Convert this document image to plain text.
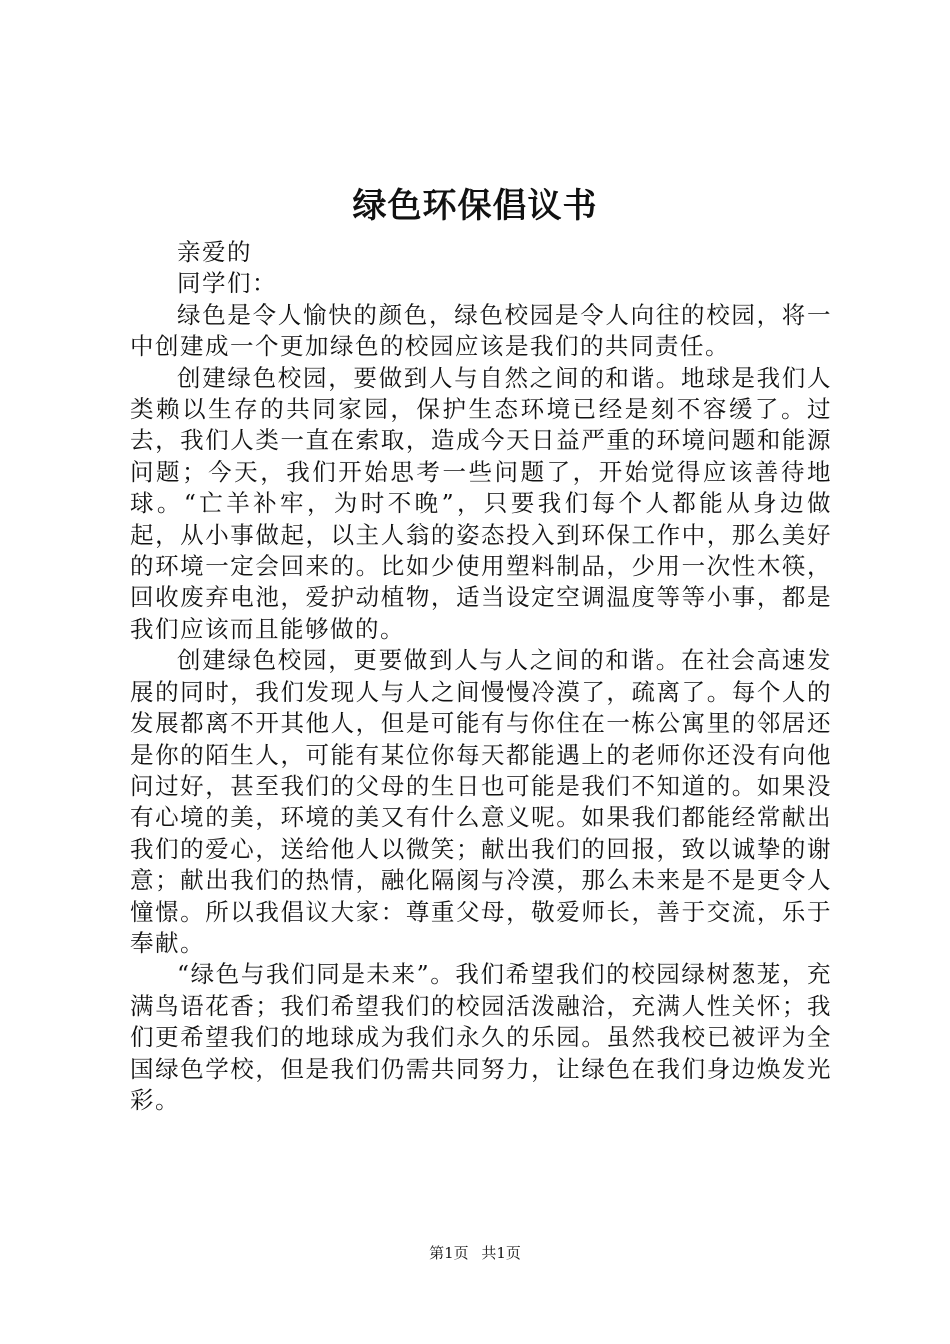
绿色环保倡议书

亲爱的

同学们：

绿色是令人愉快的颜色，绿色校园是令人向往的校园，将一中创建成一个更加绿色的校园应该是我们的共同责任。

创建绿色校园，要做到人与自然之间的和谐。地球是我们人类赖以生存的共同家园，保护生态环境已经是刻不容缓了。过去，我们人类一直在索取，造成今天日益严重的环境问题和能源问题；今天，我们开始思考一些问题了，开始觉得应该善待地球。“亡羊补牢，为时不晚”，只要我们每个人都能从身边做起，从小事做起，以主人翁的姿态投入到环保工作中，那么美好的环境一定会回来的。比如少使用塑料制品，少用一次性木筷，回收废弃电池，爱护动植物，适当设定空调温度等等小事，都是我们应该而且能够做的。

创建绿色校园，更要做到人与人之间的和谐。在社会高速发展的同时，我们发现人与人之间慢慢冷漠了，疏离了。每个人的发展都离不开其他人，但是可能有与你住在一栋公寓里的邻居还是你的陌生人，可能有某位你每天都能遇上的老师你还没有向他问过好，甚至我们的父母的生日也可能是我们不知道的。如果没有心境的美，环境的美又有什么意义呢。如果我们都能经常献出我们的爱心，送给他人以微笑；献出我们的回报，致以诚挚的谢意；献出我们的热情，融化隔阂与冷漠，那么未来是不是更令人憧憬。所以我倡议大家：尊重父母，敬爱师长，善于交流，乐于奉献。

“绿色与我们同是未来”。我们希望我们的校园绿树葱茏，充满鸟语花香；我们希望我们的校园活泼融洽，充满人性关怀；我们更希望我们的地球成为我们永久的乐园。虽然我校已被评为全国绿色学校，但是我们仍需共同努力，让绿色在我们身边焕发光彩。

第1页 共1页
